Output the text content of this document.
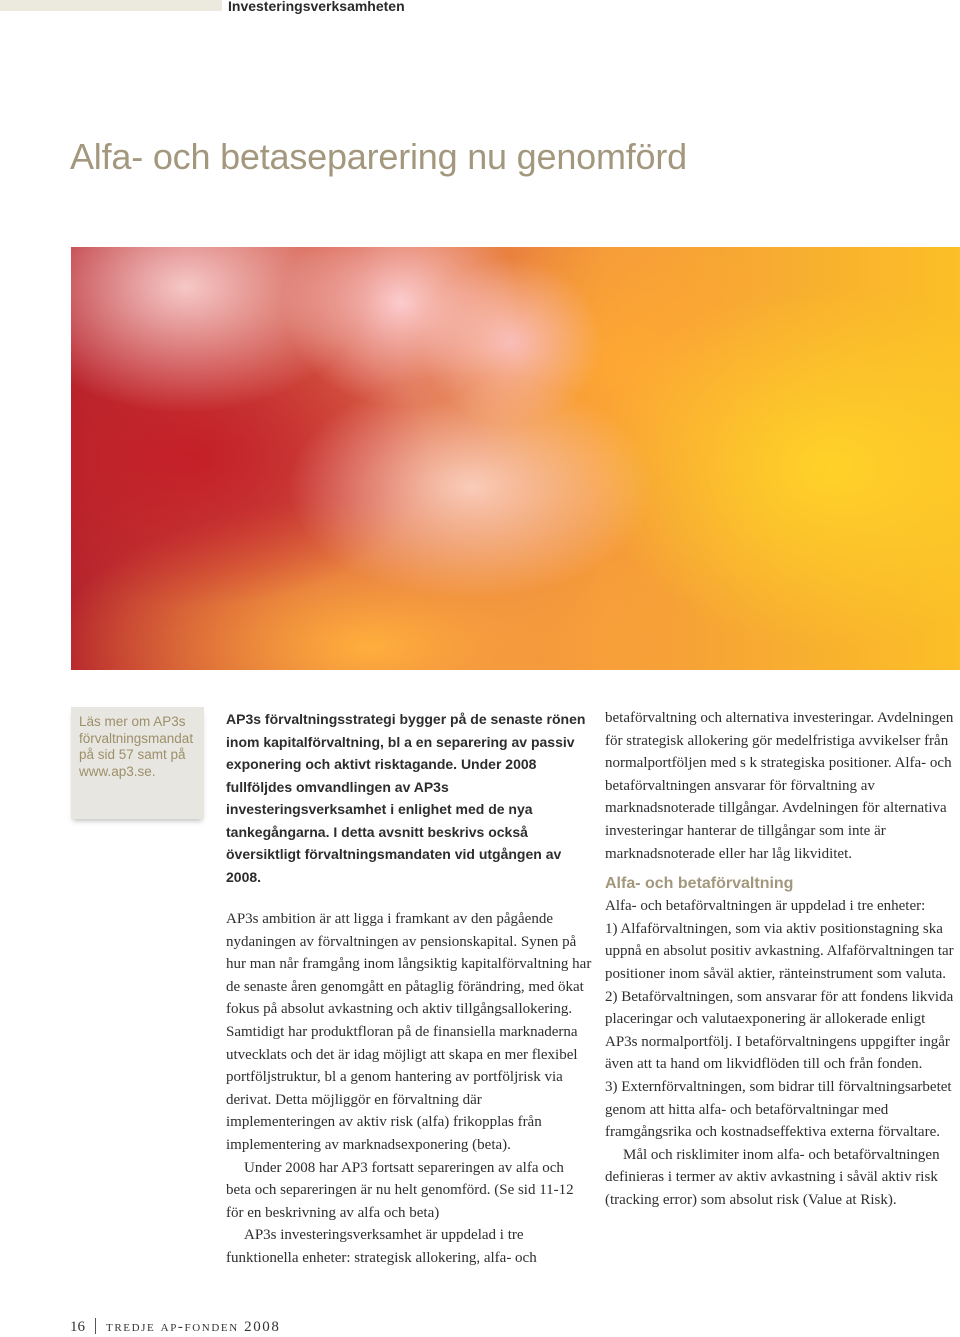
Investeringsverksamheten
Alfa- och betaseparering nu genomförd

Läs mer om AP3s förvaltningsmandat på sid 57 samt på www.ap3.se.

AP3s förvaltningsstrategi bygger på de senaste rönen inom kapitalförvaltning, bl a en separering av passiv exponering och aktivt risktagande. Under 2008 fullföljdes omvandlingen av AP3s investeringsverksamhet i enlighet med de nya tankegångarna. I detta avsnitt beskrivs också översiktligt förvaltningsmandaten vid utgången av 2008.

AP3s ambition är att ligga i framkant av den pågående nydaningen av förvaltningen av pensionskapital. Synen på hur man når framgång inom långsiktig kapitalförvaltning har de senaste åren genomgått en påtaglig förändring, med ökat fokus på absolut avkastning och aktiv tillgångsallokering. Samtidigt har produktfloran på de finansiella marknaderna utvecklats och det är idag möjligt att skapa en mer flexibel portföljstruktur, bl a genom hantering av portföljrisk via derivat. Detta möjliggör en förvaltning där implementeringen av aktiv risk (alfa) frikopplas från implementering av marknadsexponering (beta).

Under 2008 har AP3 fortsatt separeringen av alfa och beta och separeringen är nu helt genomförd. (Se sid 11-12 för en beskrivning av alfa och beta)

AP3s investeringsverksamhet är uppdelad i tre funktionella enheter: strategisk allokering, alfa- och

betaförvaltning och alternativa investeringar. Avdelningen för strategisk allokering gör medelfristiga avvikelser från normalportföljen med s k strategiska positioner. Alfa- och betaförvaltningen ansvarar för förvaltning av marknadsnoterade tillgångar. Avdelningen för alternativa investeringar hanterar de tillgångar som inte är marknadsnoterade eller har låg likviditet.

Alfa- och betaförvaltning

Alfa- och betaförvaltningen är uppdelad i tre enheter:

1) Alfaförvaltningen, som via aktiv positionstagning ska uppnå en absolut positiv avkastning. Alfaförvaltningen tar positioner inom såväl aktier, ränteinstrument som valuta.

2) Betaförvaltningen, som ansvarar för att fondens likvida placeringar och valutaexponering är allokerade enligt AP3s normalportfölj. I betaförvaltningens uppgifter ingår även att ta hand om likvidflöden till och från fonden.

3) Externförvaltningen, som bidrar till förvaltningsarbetet genom att hitta alfa- och betaförvaltningar med framgångsrika och kostnadseffektiva externa förvaltare.

Mål och risklimiter inom alfa- och betaförvaltningen definieras i termer av aktiv avkastning i såväl aktiv risk (tracking error) som absolut risk (Value at Risk).

16 tredje ap-fonden 2008
